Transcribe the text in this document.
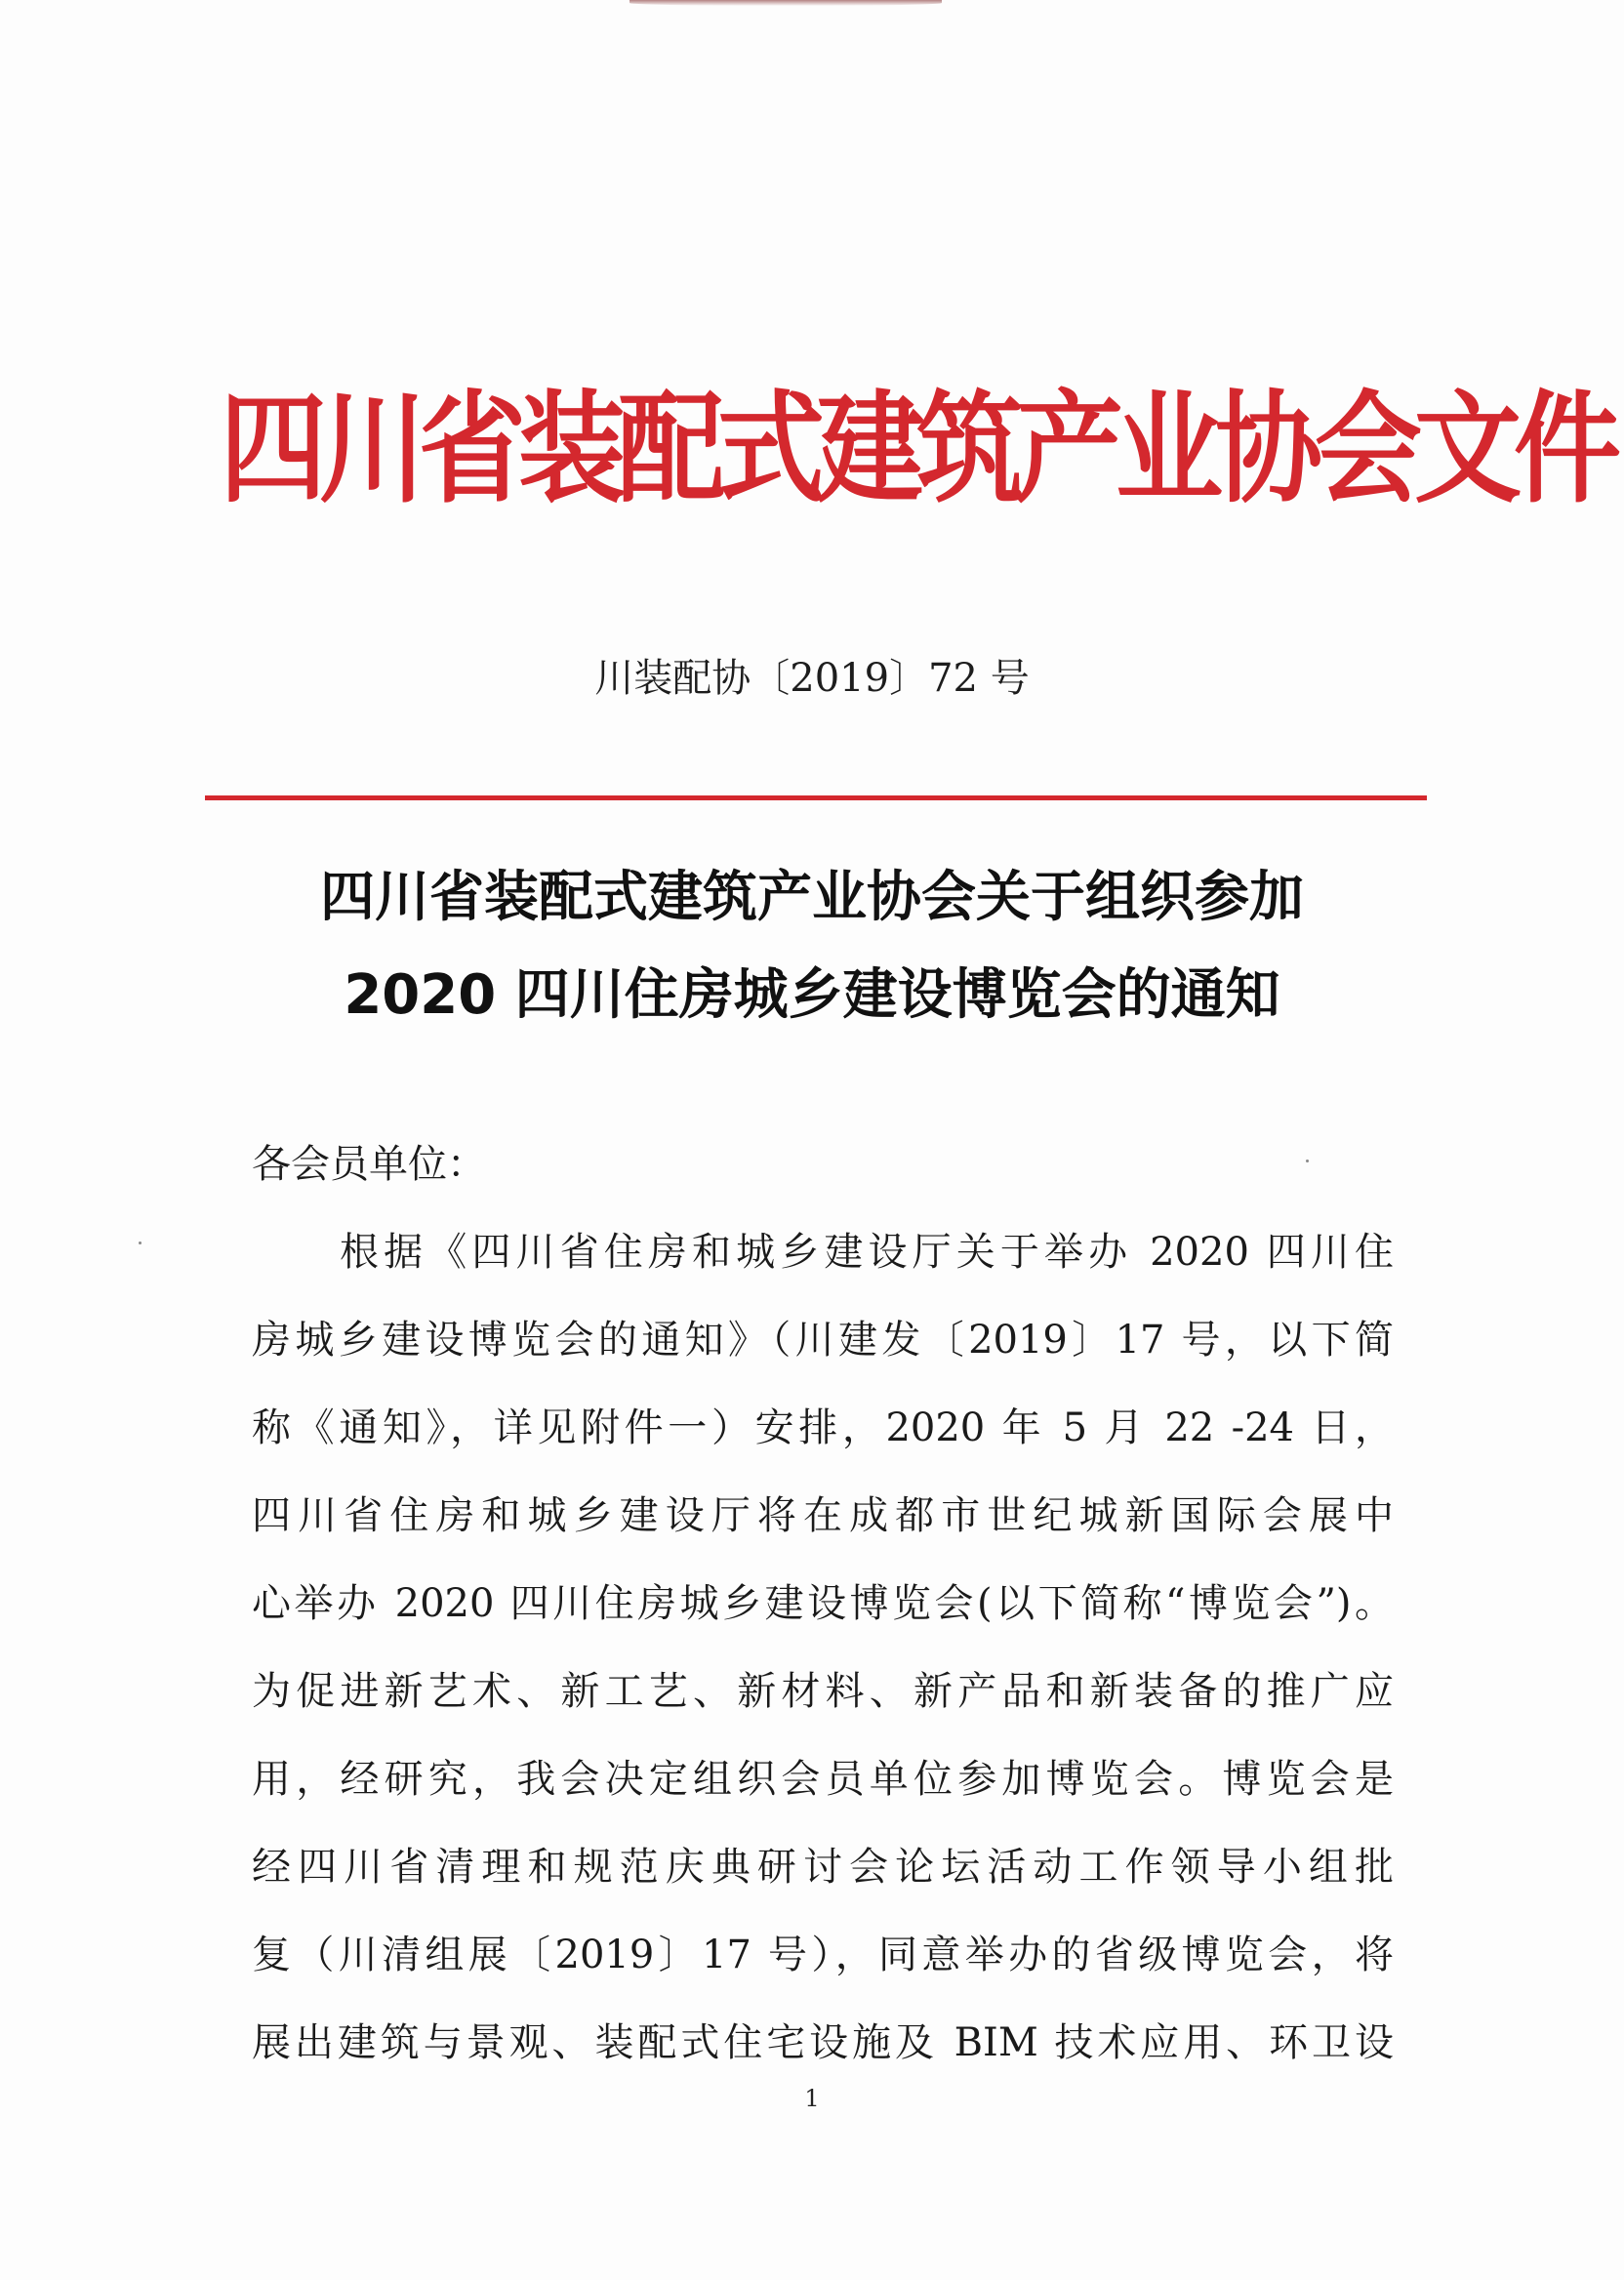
四川省装配式建筑产业协会文件

川装配协〔2019〕72 号

四川省装配式建筑产业协会关于组织参加
2020 四川住房城乡建设博览会的通知
各会员单位：
根据《四川省住房和城乡建设厅关于举办 2020 四川住
房城乡建设博览会的通知》（川建发〔2019〕17 号，以下简
称《通知》，详见附件一）安排，2020 年 5 月 22 -24 日，
四川省住房和城乡建设厅将在成都市世纪城新国际会展中
心举办 2020 四川住房城乡建设博览会(以下简称“博览会”)。
为促进新艺术、新工艺、新材料、新产品和新装备的推广应
用，经研究，我会决定组织会员单位参加博览会。博览会是
经四川省清理和规范庆典研讨会论坛活动工作领导小组批
复（川清组展〔2019〕17 号），同意举办的省级博览会，将
展出建筑与景观、装配式住宅设施及 BIM 技术应用、环卫设

1
